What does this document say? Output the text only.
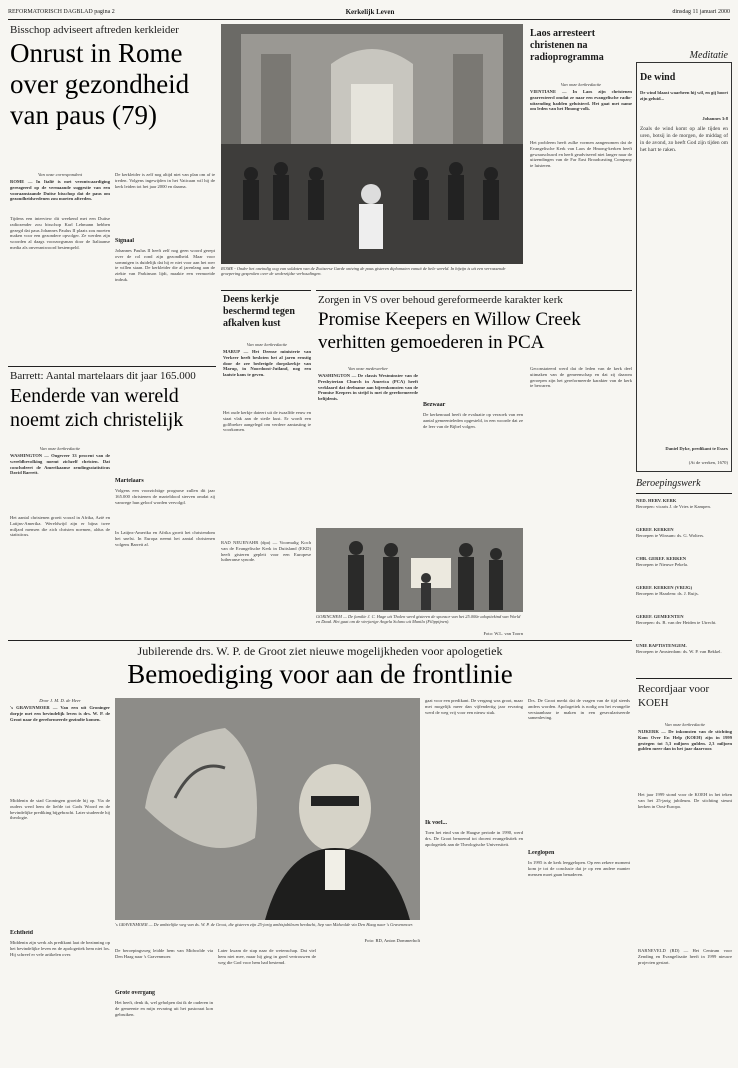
REFORMATORISCH DAGBLAD pagina 2	Kerkelijk Leven	dinsdag 11 januari 2000
Bisschop adviseert aftreden kerkleider
Onrust in Rome over gezondheid van paus (79)
Van onze correspondent
ROME — In Italië is met verontwaardiging gereageerd op de vermaande suggestie van een vooraanstaande Duitse bisschop dat de paus om gezondheidsredenen zou moeten aftreden.
Tijdens een interview dit weekend met een Duitse radiozender zou bisschop Karl Lehmann hebben gezegd dat paus Johannes Paulus II plaats zou moeten maken voor een gezondere opvolger. Ze werden zijn woorden al daags voorzorgsman door de Italiaanse media als onverantwoord bestempeld.
Signaal
Johannes Paulus II heeft zelf nog geen woord gerept over de rol rond zijn gezondheid. Maar voor sommigen is duidelijk dat hij er niet voor aan het roer te willen staan. De kerkleider die al jarenlang aan de ziekte van Parkinson lijdt, maakte een vermoeide indruk.
De kerkleider is zelf nog altijd niet van plan om af te treden. Volgens ingewijden in het Vaticaan wil hij de kerk leiden tot het jaar 2000 en daarna.
ROME - Onder het oneindig oog van soldaten van de Zwitserse Garde ontving de paus gisteren diplomaten vanuit de hele wereld. In bijzijn is uit een verrassende groepering gesproken over de wederzijdse verhoudingen.
Laos arresteert christenen na radioprogramma
Van onze kerkredactie
VIENTIANE — In Laos zijn christenen gearresteerd omdat ze naar een evangelische radio-uitzending hadden geluisterd. Het gaat met name om leden van het Hmong-volk.
Het probleem heeft zulke vormen aangenomen dat de Evangelische Kerk van Laos de Hmong-kerken heeft gewaarschuwd en heeft geadviseerd niet langer naar de uitzendingen van de Far East Broadcasting Company te luisteren.
Meditatie
De wind
De wind blaast waarheen hij wil, en gij hoort zijn geluid...
Johannes 3:8
Zoals de wind komt op alle tijden en uren, botsij in de morgen, de middag of in de avond, zo heeft God zijn tijden om het hart te raken.
Daniel Dyke, predikant te Essex
(At de werken, 1670)
Deens kerkje beschermd tegen afkalven kust
Van onze kerkredactie
MARUP — Het Deense ministerie van Verkeer heeft besloten het al jaren ernstig door de zee bedreigde dorpskerkje van Marup, in Noordoost-Jutland, nog een laatste kans te geven.
Het oude kerkje dateert uit de twaalfde eeuw en staat vlak aan de steile kust. Er wordt een golfbreker aangelegd om verdere aantasting te voorkomen.
Zorgen in VS over behoud gereformeerde karakter kerk
Promise Keepers en Willow Creek verhitten gemoederen in PCA
Van onze medewerker
WASHINGTON — De classis Westminster van de Presbyterian Church in America (PCA) heeft verklaard dat deelname aan bijeenkomsten van de Promise Keepers in strijd is met de gereformeerde belijdenis.
Bezwaar
De kerkenraad heeft de evaluatie op verzoek van een aantal gemeenteleden opgesteld, in een woorde dat ze de leer van de Bijbel volgen.
Geconstateerd werd dat de leden van de kerk deel uitmaken van de gemeenschap en dat zij daarom geroepen zijn het gereformeerde karakter van de kerk te bewaren.
Barrett: Aantal martelaars dit jaar 165.000
Eenderde van wereld noemt zich christelijk
Van onze kerkredactie
WASHINGTON — Ongeveer 33 procent van de wereldbevolking noemt zichzelf christen. Dat concludeert de Amerikaanse zendingsstatisticus David Barrett.
Het aantal christenen groeit vooral in Afrika, Azië en Latijns-Amerika. Wereldwijd zijn er bijna twee miljard mensen die zich christen noemen, aldus de statisticus.
Martelaars
Volgens een voorzichtige prognose zullen dit jaar 165.000 christenen de marteldood sterven omdat zij vanwege hun geloof worden vervolgd.
In Latijns-Amerika en Afrika groeit het christendom het snelst. In Europa neemt het aantal christenen volgens Barrett af.	RAD NEUENAHR (dpa) — Voormalig Koch van de Evangelische Kerk in Duitsland (EKD) heeft gisteren gepleit voor een Europese lutheranse synode.
GORINCHEM — De familie J. C. Hage uit Tholen werd gisteren de sponsor van het 25.000e adoptiekind van World en Daad. Het gaat om de vierjarige Angela Solano uit Manila (Filippijnen).
Foto: W.L. van Toorn
Beroepingswerk
NED. HERV. KERK
Beroepen: vicaris J. de Vries te Kampen.
GEREF. KERKEN
Beroepen te Winsum: ds. G. Wolters.
CHR. GEREF. KERKEN
Beroepen te Nieuwe Pekela.
GEREF. KERKEN (VRIJG)
Beroepen te Haarlem: ds. J. Ruijs.
GEREF. GEMEENTEN
Beroepen: ds. B. van der Heiden te Utrecht.
UNIE BAPTISTENGEM.
Beroepen te Amsterdam: ds. W. P. van Bekkel.
Jubilerende drs. W. P. de Groot ziet nieuwe mogelijkheden voor apologetiek
Bemoediging voor aan de frontlinie
Door J. M. D. de Heer
's GRAVENMOER — Van een uit Groninger dorpje met een bevindelijk leven is drs. W. P. de Groot naar de gereformeerde gezindte komen.
Middenin de stad Groningen groeide hij op. Via de ouders werd hem de liefde tot Gods Woord en de bevindelijke prediking bijgebracht. Later studeerde hij theologie.
Echtheid
Middenin zijn werk als predikant laat de bezinning op het bevindelijke leven en de apologetiek hem niet los. Hij schreef er vele artikelen over.
's GRAVENMOER — De ambtelijke weg van ds. W. P. de Groot, die gisteren zijn 25-jarig ambtsjubileum herdacht, liep van Midwolde via Den Haag naar 's Gravenmoer.
Foto: RD, Anton Dommerholt
De beroepingsweg leidde hem van Midwolde via Den Haag naar 's Gravenmoer.
Grote overgang
Het heeft, denk ik, wel geholpen dat ik de ouderen in de gemeente en mijn ervaring uit het pastoraat kon gebruiken.
Later kwam de stap naar de wetenschap. Dat viel hem niet mee, maar hij ging in goed vertrouwen de weg die God voor hem had bestemd.
gaat voor een predikant. De vergang was groot, maar met mogelijk meer dan vijfendertig jaar ervaring werd de weg vrij voor een nieuw stuk.
Ik voel...
Toen het eind van de Haagse periode in 1990, werd drs. De Groot benoemd tot docent evangelistiek en apologetiek aan de Theologische Universiteit.
Drs. De Groot merkt dat de vragen van de tijd steeds anders worden. Apologetiek is nodig om het evangelie verstaanbaar te maken in een geseculariseerde samenleving.
Leeglopen
In 1995 is de kerk leeggelopen. Op een zekere moment kom je tot de conclusie dat je op een andere manier mensen moet gaan benaderen.
Recordjaar voor KOEH
Van onze kerkredactie
NIJKERK — De inkomsten van de stichting Kom Over En Help (KOEH) zijn in 1999 gestegen tot 5,3 miljoen gulden. 2,3 miljoen gulden meer dan in het jaar daarvoor.
Het jaar 1999 stond voor de KOEH in het teken van het 25-jarig jubileum. De stichting steunt kerken in Oost-Europa.
BARNEVELD (RD) — Het Centrum voor Zending en Evangelisatie heeft in 1999 nieuwe projecten gestart.
